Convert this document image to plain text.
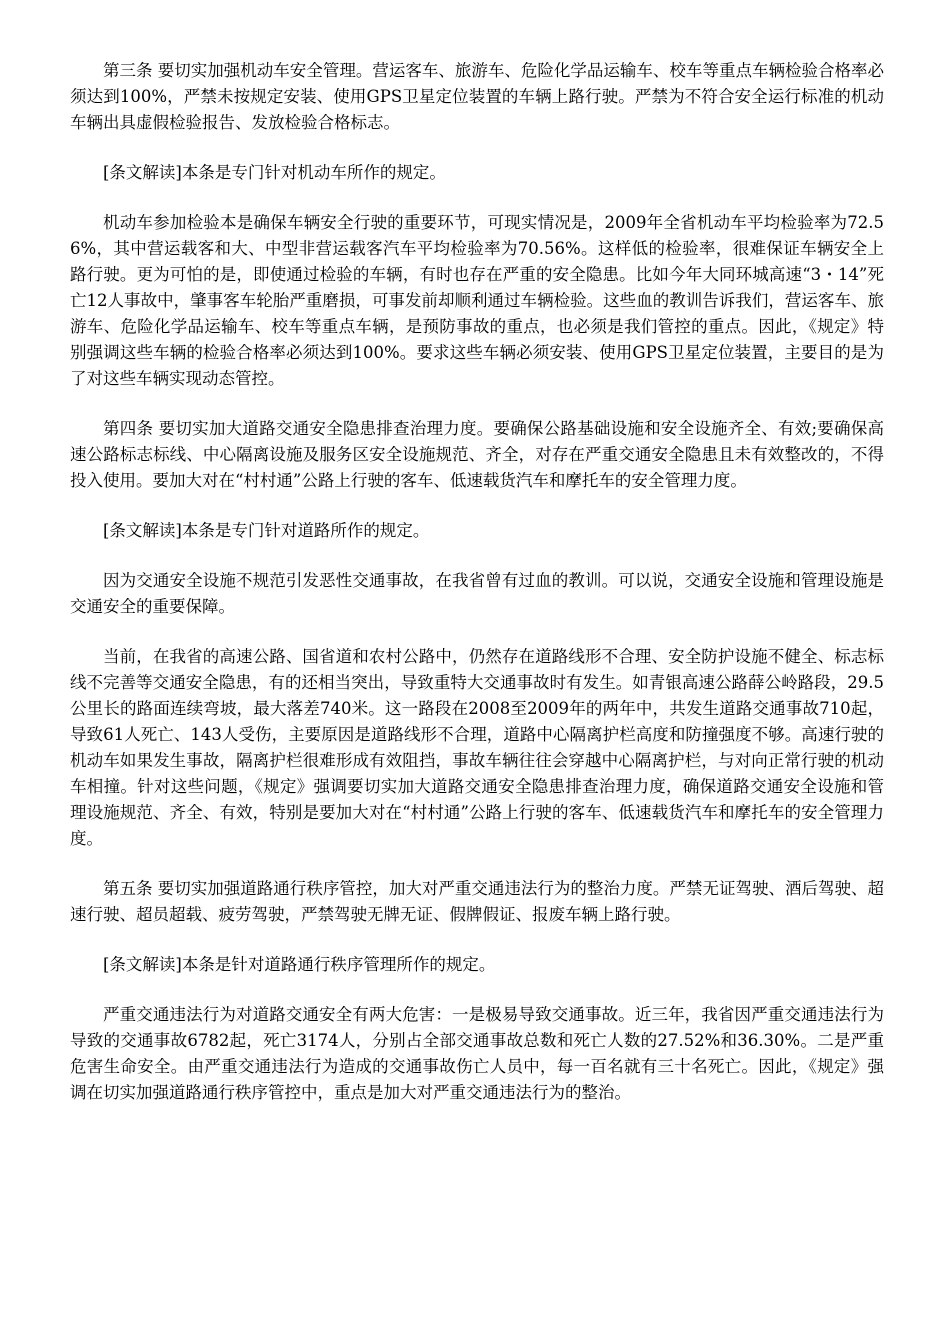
第三条 要切实加强机动车安全管理。营运客车、旅游车、危险化学品运输车、校车等重点车辆检验合格率必须达到100%，严禁未按规定安装、使用GPS卫星定位装置的车辆上路行驶。严禁为不符合安全运行标准的机动车辆出具虚假检验报告、发放检验合格标志。

[条文解读]本条是专门针对机动车所作的规定。

机动车参加检验本是确保车辆安全行驶的重要环节，可现实情况是，2009年全省机动车平均检验率为72.56%，其中营运载客和大、中型非营运载客汽车平均检验率为70.56%。这样低的检验率，很难保证车辆安全上路行驶。更为可怕的是，即使通过检验的车辆，有时也存在严重的安全隐患。比如今年大同环城高速“3・14”死亡12人事故中，肇事客车轮胎严重磨损，可事发前却顺利通过车辆检验。这些血的教训告诉我们，营运客车、旅游车、危险化学品运输车、校车等重点车辆，是预防事故的重点，也必须是我们管控的重点。因此，《规定》特别强调这些车辆的检验合格率必须达到100%。要求这些车辆必须安装、使用GPS卫星定位装置，主要目的是为了对这些车辆实现动态管控。

第四条 要切实加大道路交通安全隐患排查治理力度。要确保公路基础设施和安全设施齐全、有效;要确保高速公路标志标线、中心隔离设施及服务区安全设施规范、齐全，对存在严重交通安全隐患且未有效整改的，不得投入使用。要加大对在“村村通”公路上行驶的客车、低速载货汽车和摩托车的安全管理力度。

[条文解读]本条是专门针对道路所作的规定。

因为交通安全设施不规范引发恶性交通事故，在我省曾有过血的教训。可以说，交通安全设施和管理设施是交通安全的重要保障。

当前，在我省的高速公路、国省道和农村公路中，仍然存在道路线形不合理、安全防护设施不健全、标志标线不完善等交通安全隐患，有的还相当突出，导致重特大交通事故时有发生。如青银高速公路薛公岭路段，29.5公里长的路面连续弯坡，最大落差740米。这一路段在2008至2009年的两年中，共发生道路交通事故710起，导致61人死亡、143人受伤，主要原因是道路线形不合理，道路中心隔离护栏高度和防撞强度不够。高速行驶的机动车如果发生事故，隔离护栏很难形成有效阻挡，事故车辆往往会穿越中心隔离护栏，与对向正常行驶的机动车相撞。针对这些问题，《规定》强调要切实加大道路交通安全隐患排查治理力度，确保道路交通安全设施和管理设施规范、齐全、有效，特别是要加大对在“村村通”公路上行驶的客车、低速载货汽车和摩托车的安全管理力度。

第五条 要切实加强道路通行秩序管控，加大对严重交通违法行为的整治力度。严禁无证驾驶、酒后驾驶、超速行驶、超员超载、疲劳驾驶，严禁驾驶无牌无证、假牌假证、报废车辆上路行驶。

[条文解读]本条是针对道路通行秩序管理所作的规定。

严重交通违法行为对道路交通安全有两大危害：一是极易导致交通事故。近三年，我省因严重交通违法行为导致的交通事故6782起，死亡3174人，分别占全部交通事故总数和死亡人数的27.52%和36.30%。二是严重危害生命安全。由严重交通违法行为造成的交通事故伤亡人员中，每一百名就有三十名死亡。因此，《规定》强调在切实加强道路通行秩序管控中，重点是加大对严重交通违法行为的整治。
